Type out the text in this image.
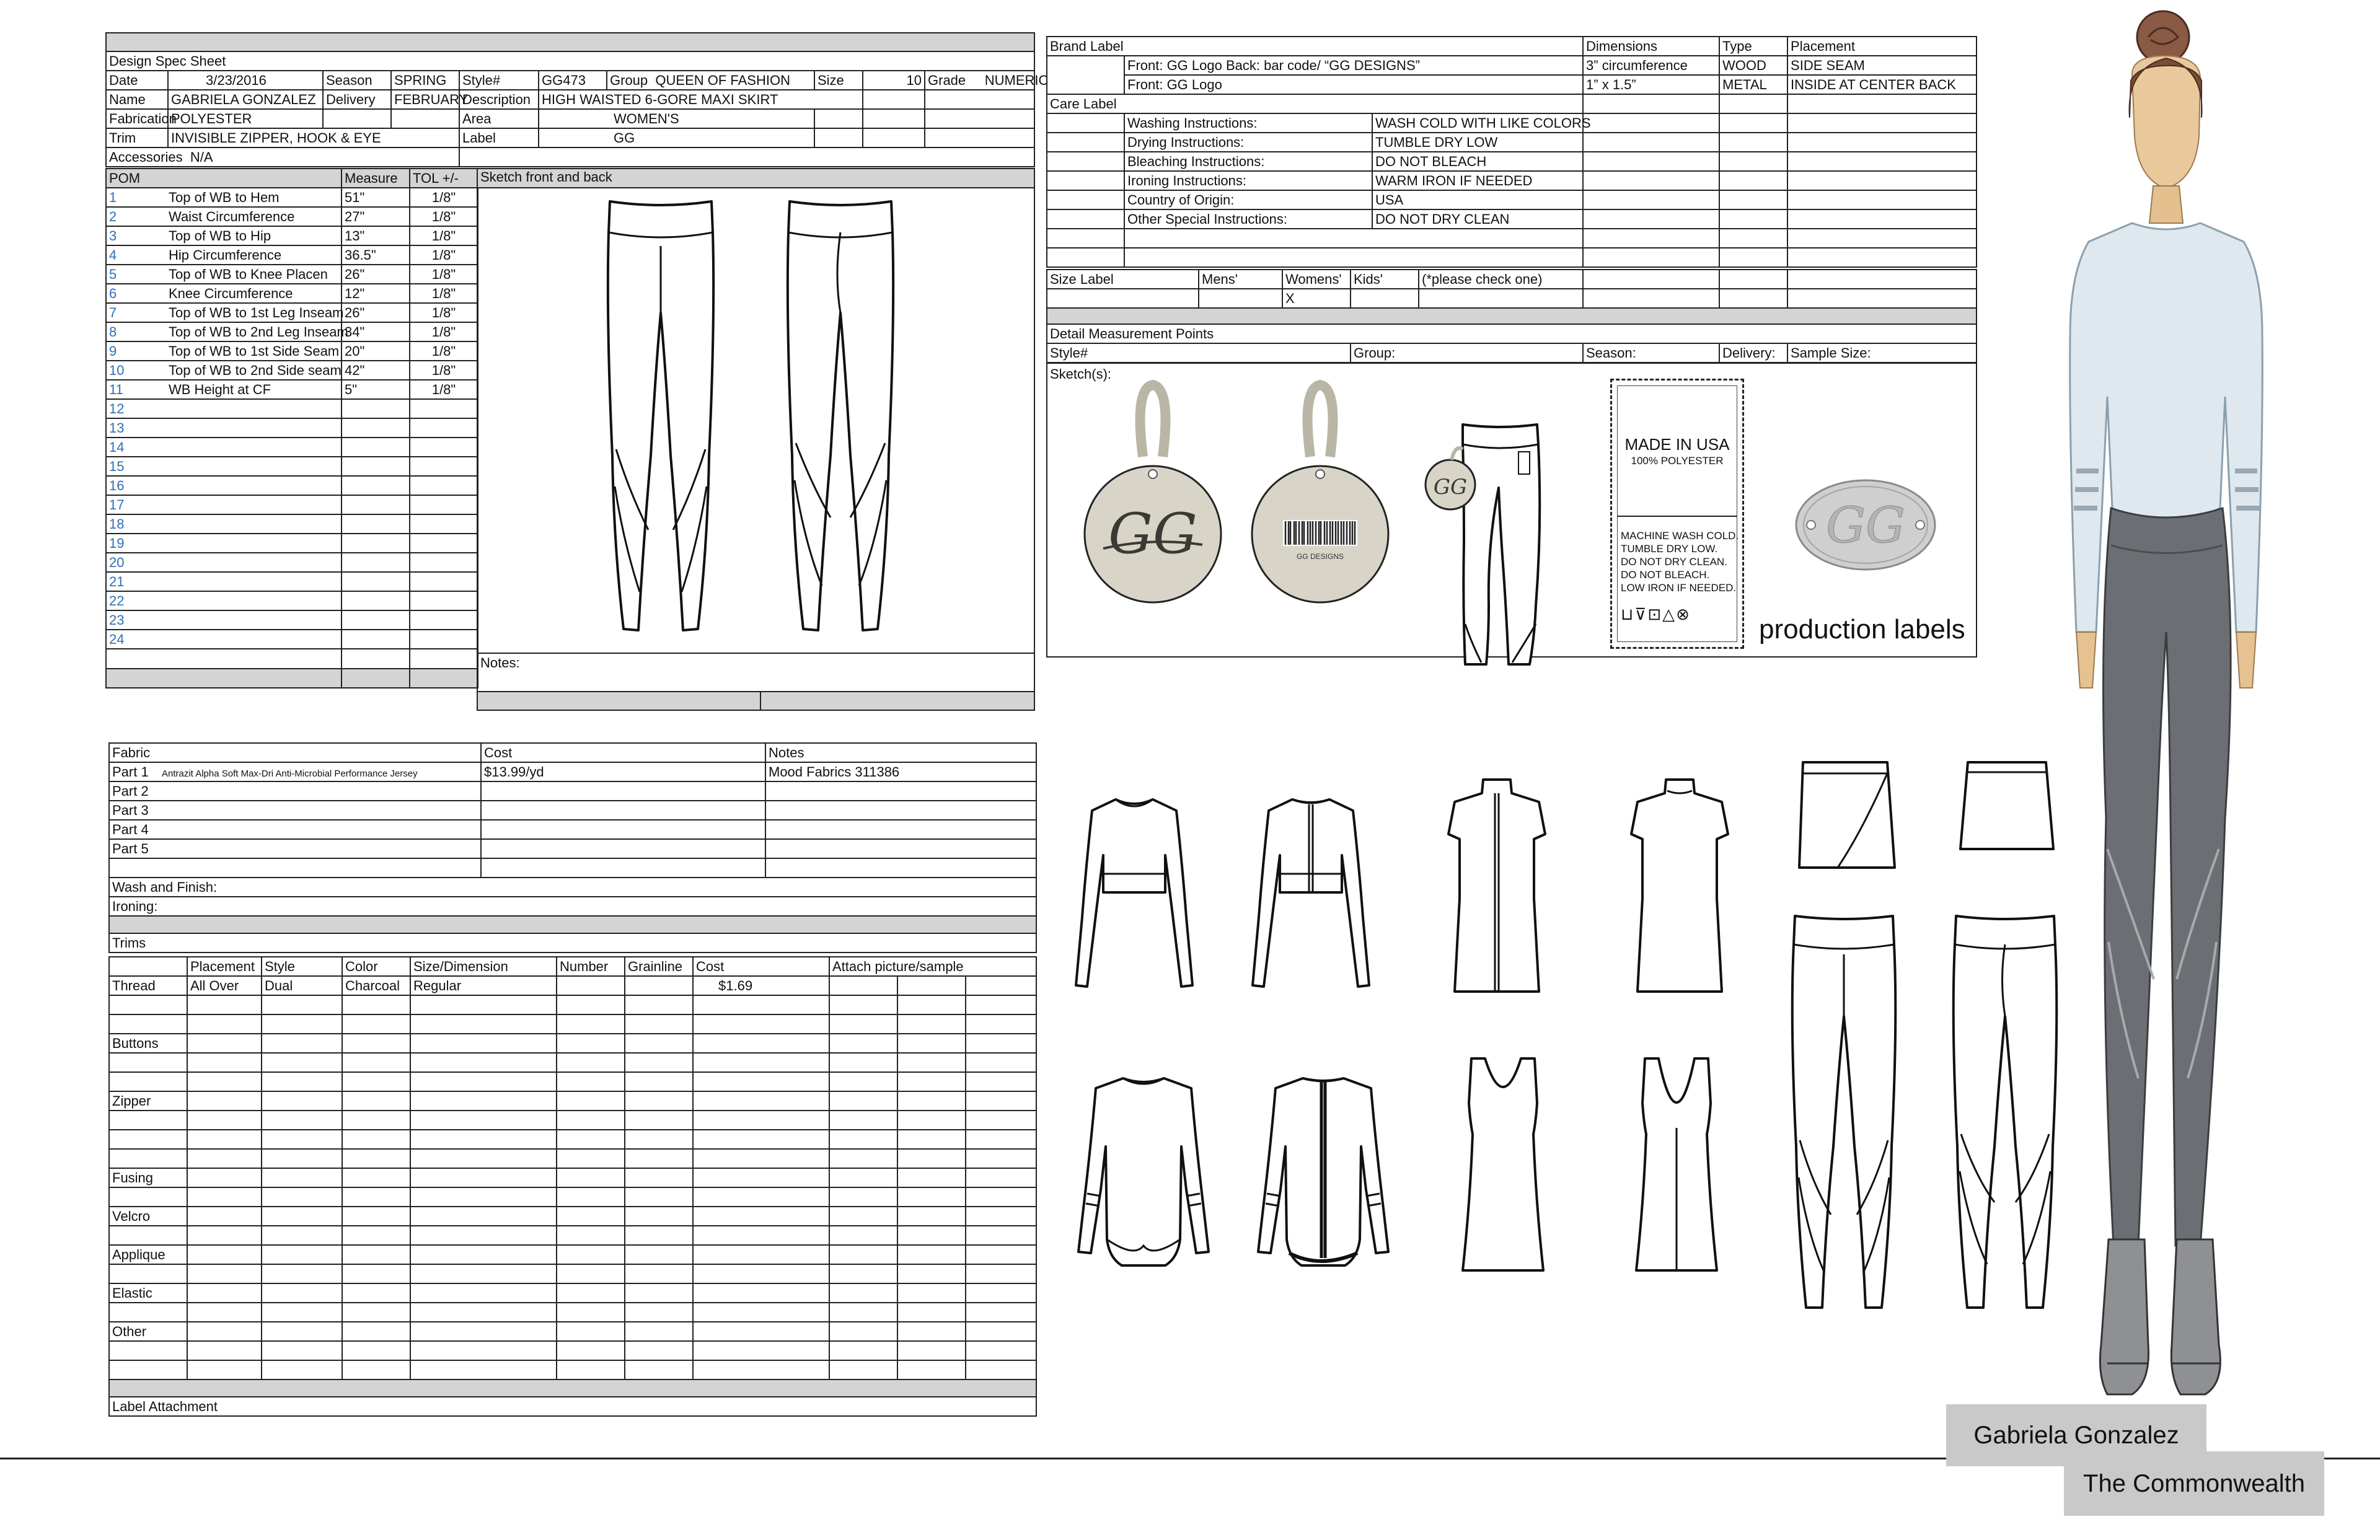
Design Spec Sheet									
Date	3/23/2016	Season	SPRING	Style#	GG473	Group QUEEN OF FASHION	Size	10	Grade NUMERIC
Name	GABRIELA GONZALEZ	Delivery	FEBRUARY	Description	HIGH WAISTED 6-GORE MAXI SKIRT				
Fabrication	POLYESTER			Area	WOMEN'S				
Trim	INVISIBLE ZIPPER, HOOK & EYE			Label	GG				
Accessories N/A									
POM	Measure	TOL +/-
1 Top of WB to Hem	51"	1/8"
2 Waist Circumference	27"	1/8"
3 Top of WB to Hip	13"	1/8"
4 Hip Circumference	36.5"	1/8"
5 Top of WB to Knee Placen	26"	1/8"
6 Knee Circumference	12"	1/8"
7 Top of WB to 1st Leg Inseam	26"	1/8"
8 Top of WB to 2nd Leg Inseam	34"	1/8"
9 Top of WB to 1st Side Seam	20"	1/8"
10 Top of WB to 2nd Side seam	42"	1/8"
11 WB Height at CF	5"	1/8"
12		
13		
14		
15		
16		
17		
18		
19		
20		
21		
22		
23		
24		

Sketch front and back
Notes:
Brand Label			Dimensions	Type	Placement
	Front: GG Logo Back: bar code/ “GG DESIGNS”		3” circumference	WOOD	SIDE SEAM
	Front: GG Logo		1” x 1.5”	METAL	INSIDE AT CENTER BACK
Care Label					
	Washing Instructions:	WASH COLD WITH LIKE COLORS			
	Drying Instructions:	TUMBLE DRY LOW			
	Bleaching Instructions:	DO NOT BLEACH			
	Ironing Instructions:	WARM IRON IF NEEDED			
	Country of Origin:	USA			
	Other Special Instructions:	DO NOT DRY CLEAN			

Size Label	Mens'	Womens'	Kids'	(*please check one)			
		X					

Detail Measurement Points							
Style#			Group:		Season:	Delivery:	Sample Size:
Sketch(s):
GG	GG DESIGNS
GG
MADE IN USA
100% POLYESTER
MACHINE WASH COLD.
TUMBLE DRY LOW.
DO NOT DRY CLEAN.
DO NOT BLEACH.
LOW IRON IF NEEDED.
⊔⊽⊡△⊗
GG
production labels
Fabric	Cost	Notes
Part 1 Antrazit Alpha Soft Max-Dri Anti-Microbial Performance Jersey	$13.99/yd	Mood Fabrics 311386
Part 2		
Part 3		
Part 4		
Part 5		

Wash and Finish:		
Ironing:		

Trims		
	Placement	Style	Color	Size/Dimension	Number	Grainline	Cost	Attach picture/sample		
Thread	All Over	Dual	Charcoal	Regular			$1.69			

Buttons										

Zipper										

Fusing										

Velcro										

Applique										

Elastic										

Other										

Label Attachment										
Gabriela Gonzalez
The Commonwealth
